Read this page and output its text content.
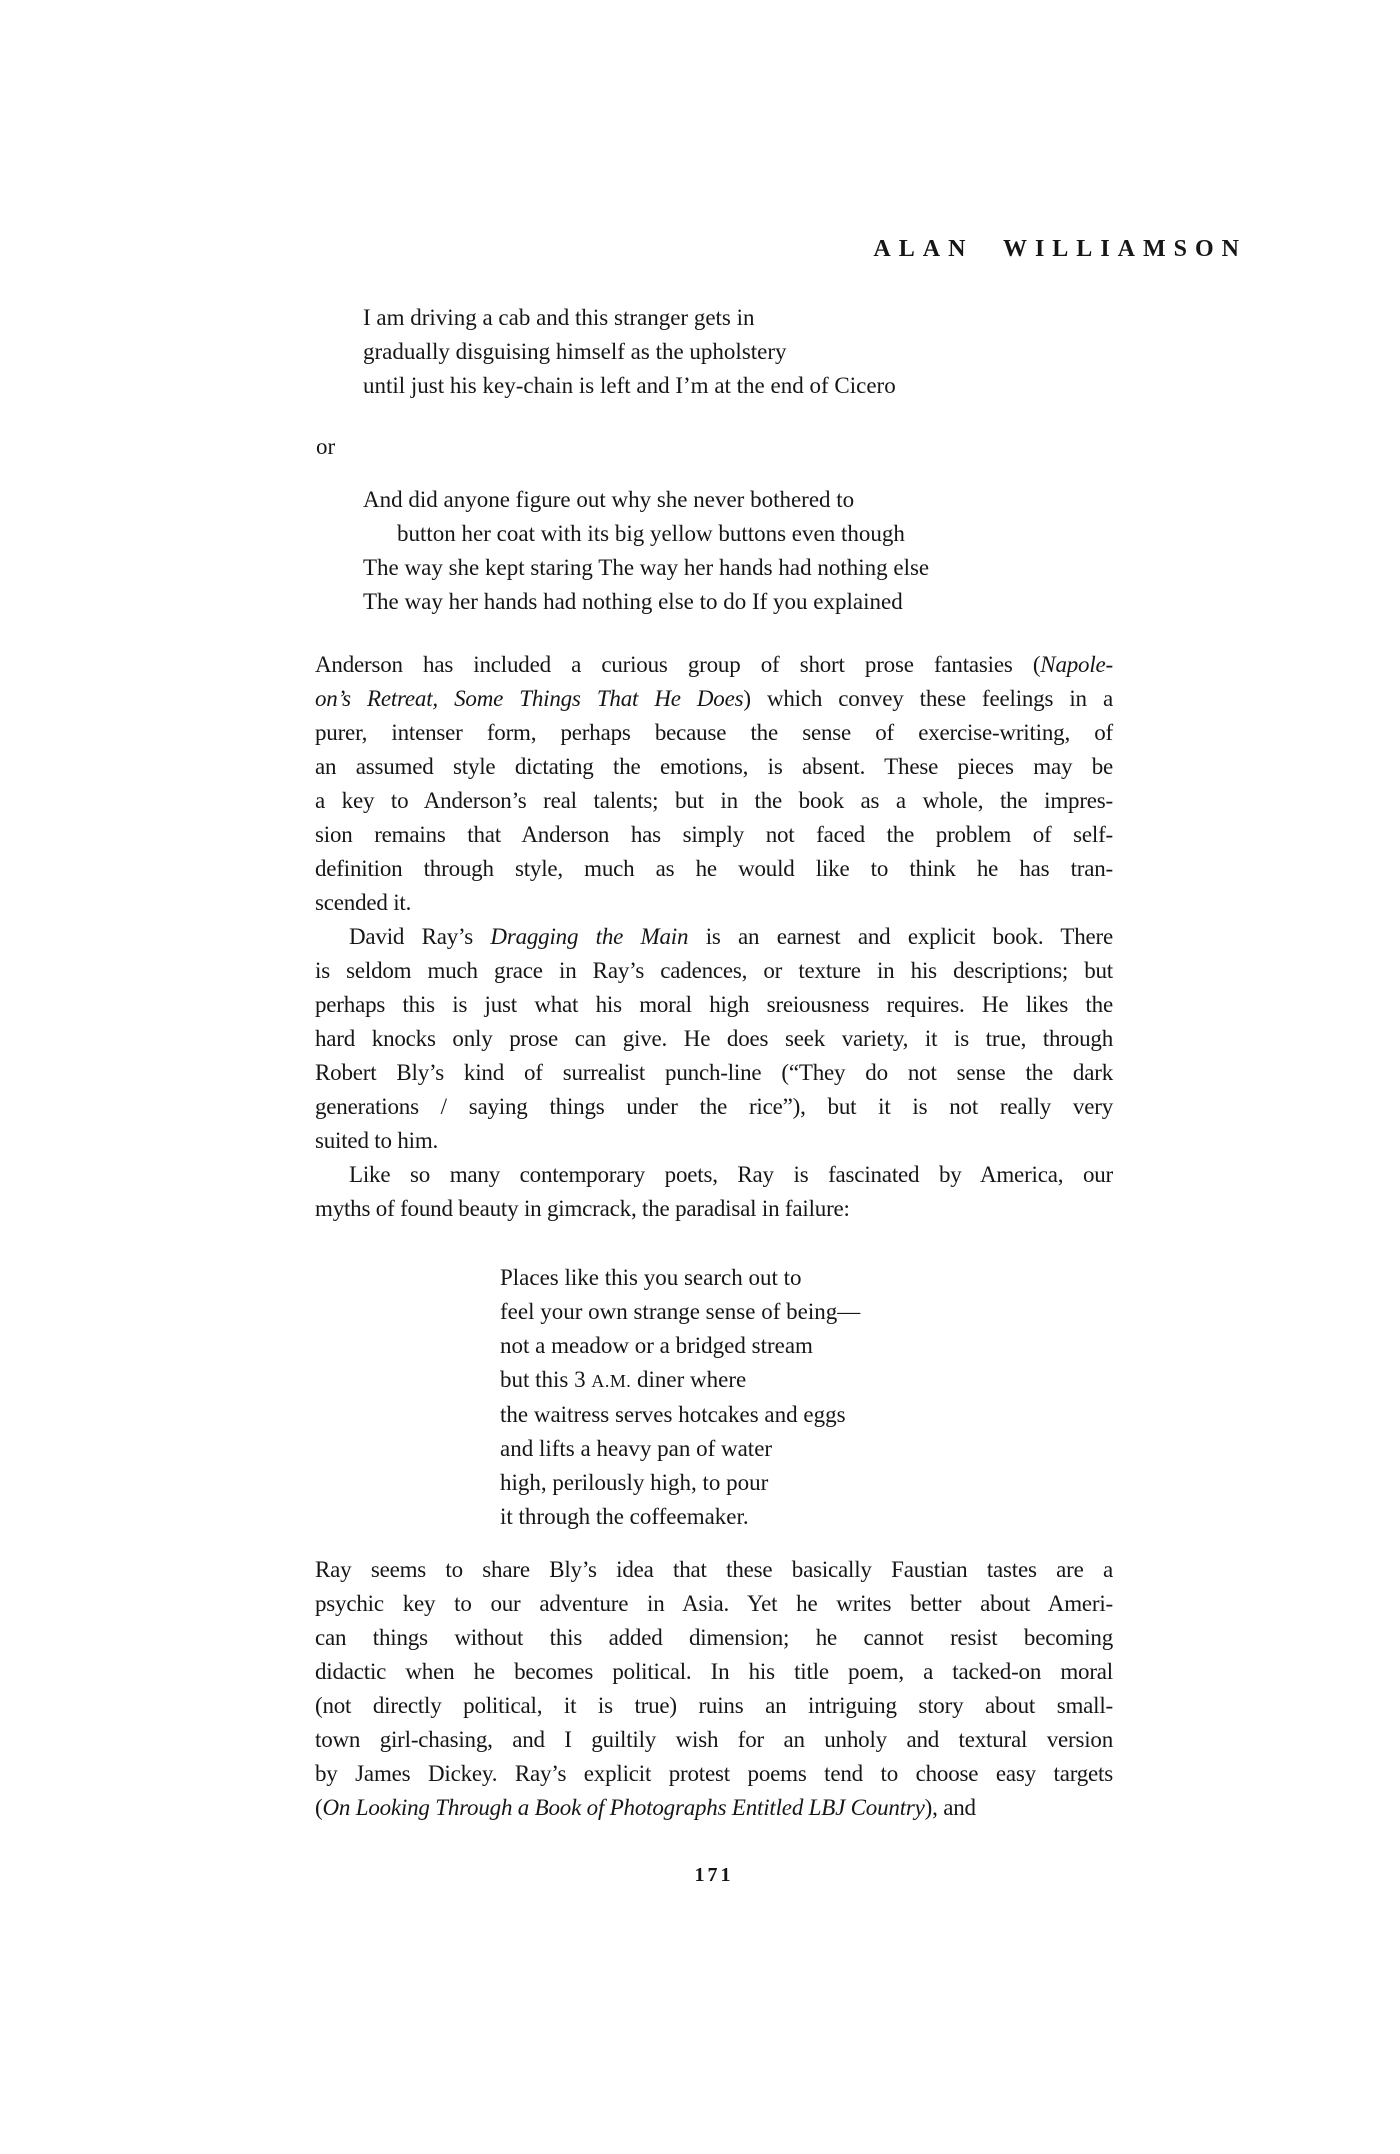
ALAN WILLIAMSON
I am driving a cab and this stranger gets in
gradually disguising himself as the upholstery
until just his key-chain is left and I’m at the end of Cicero
or
And did anyone figure out why she never bothered to
button her coat with its big yellow buttons even though
The way she kept staring The way her hands had nothing else
The way her hands had nothing else to do If you explained
Anderson has included a curious group of short prose fantasies (Napole-
on’s Retreat, Some Things That He Does) which convey these feelings in a
purer, intenser form, perhaps because the sense of exercise-writing, of
an assumed style dictating the emotions, is absent. These pieces may be
a key to Anderson’s real talents; but in the book as a whole, the impres-
sion remains that Anderson has simply not faced the problem of self-
definition through style, much as he would like to think he has tran-
scended it.
David Ray’s Dragging the Main is an earnest and explicit book. There
is seldom much grace in Ray’s cadences, or texture in his descriptions; but
perhaps this is just what his moral high sreiousness requires. He likes the
hard knocks only prose can give. He does seek variety, it is true, through
Robert Bly’s kind of surrealist punch-line (“They do not sense the dark
generations / saying things under the rice”), but it is not really very
suited to him.
Like so many contemporary poets, Ray is fascinated by America, our
myths of found beauty in gimcrack, the paradisal in failure:
Places like this you search out to
feel your own strange sense of being—
not a meadow or a bridged stream
but this 3 A.M. diner where
the waitress serves hotcakes and eggs
and lifts a heavy pan of water
high, perilously high, to pour
it through the coffeemaker.
Ray seems to share Bly’s idea that these basically Faustian tastes are a
psychic key to our adventure in Asia. Yet he writes better about Ameri-
can things without this added dimension; he cannot resist becoming
didactic when he becomes political. In his title poem, a tacked-on moral
(not directly political, it is true) ruins an intriguing story about small-
town girl-chasing, and I guiltily wish for an unholy and textural version
by James Dickey. Ray’s explicit protest poems tend to choose easy targets
(On Looking Through a Book of Photographs Entitled LBJ Country), and
171
